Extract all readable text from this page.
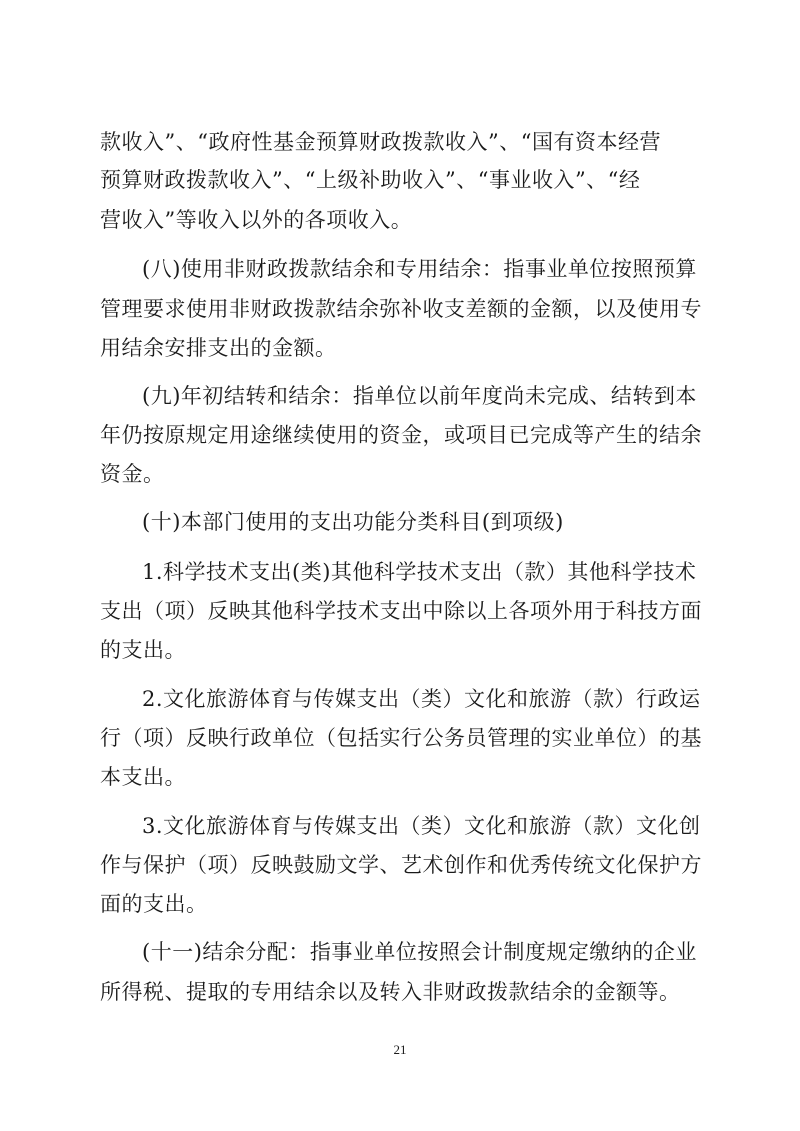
款收入”、“政府性基金预算财政拨款收入”、“国有资本经营
预算财政拨款收入”、“上级补助收入”、“事业收入”、“经
营收入”等收入以外的各项收入。
(八)使用非财政拨款结余和专用结余：指事业单位按照预算
管理要求使用非财政拨款结余弥补收支差额的金额，以及使用专
用结余安排支出的金额。
(九)年初结转和结余：指单位以前年度尚未完成、结转到本
年仍按原规定用途继续使用的资金，或项目已完成等产生的结余
资金。
(十)本部门使用的支出功能分类科目(到项级)
1.科学技术支出(类)其他科学技术支出（款）其他科学技术
支出（项）反映其他科学技术支出中除以上各项外用于科技方面
的支出。
2.文化旅游体育与传媒支出（类）文化和旅游（款）行政运
行（项）反映行政单位（包括实行公务员管理的实业单位）的基
本支出。
3.文化旅游体育与传媒支出（类）文化和旅游（款）文化创
作与保护（项）反映鼓励文学、艺术创作和优秀传统文化保护方
面的支出。
21
(十一)结余分配：指事业单位按照会计制度规定缴纳的企业
所得税、提取的专用结余以及转入非财政拨款结余的金额等。
